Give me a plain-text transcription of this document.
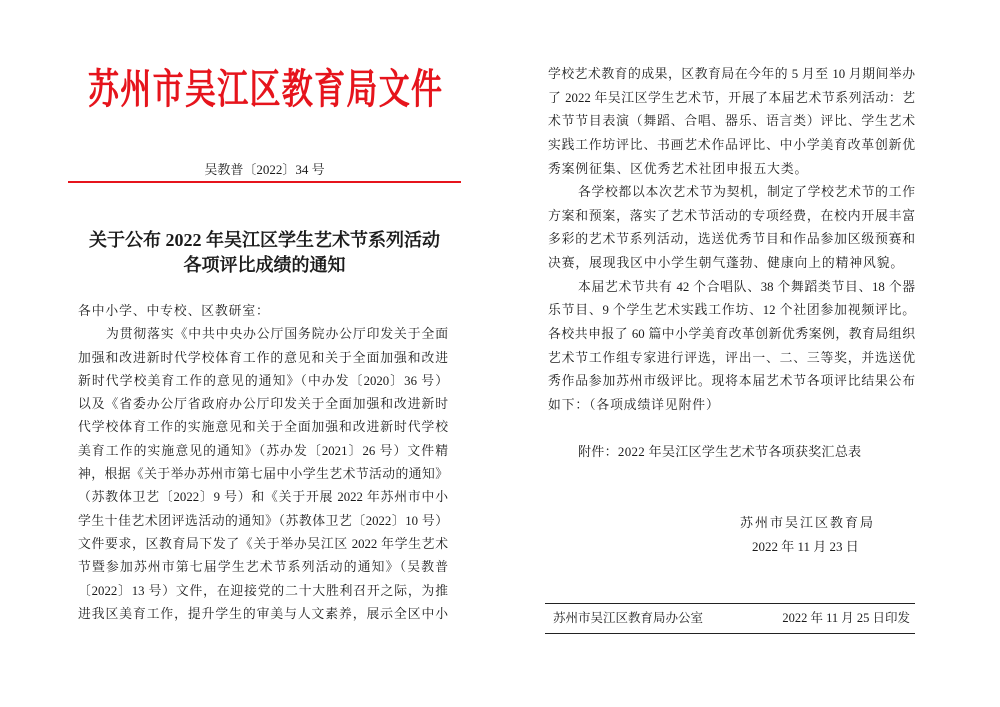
苏州市吴江区教育局文件
吴教普〔2022〕34 号
关于公布 2022 年吴江区学生艺术节系列活动
各项评比成绩的通知
各中小学、中专校、区教研室：
为贯彻落实《中共中央办公厅国务院办公厅印发关于全面
加强和改进新时代学校体育工作的意见和关于全面加强和改进
新时代学校美育工作的意见的通知》（中办发〔2020〕36 号）
以及《省委办公厅省政府办公厅印发关于全面加强和改进新时
代学校体育工作的实施意见和关于全面加强和改进新时代学校
美育工作的实施意见的通知》（苏办发〔2021〕26 号）文件精
神，根据《关于举办苏州市第七届中小学生艺术节活动的通知》
（苏教体卫艺〔2022〕9 号）和《关于开展 2022 年苏州市中小
学生十佳艺术团评选活动的通知》（苏教体卫艺〔2022〕10 号）
文件要求，区教育局下发了《关于举办吴江区 2022 年学生艺术
节暨参加苏州市第七届学生艺术节系列活动的通知》（吴教普
〔2022〕13 号）文件，在迎接党的二十大胜利召开之际，为推
进我区美育工作，提升学生的审美与人文素养，展示全区中小
学校艺术教育的成果，区教育局在今年的 5 月至 10 月期间举办
了 2022 年吴江区学生艺术节，开展了本届艺术节系列活动：艺
术节节目表演（舞蹈、合唱、器乐、语言类）评比、学生艺术
实践工作坊评比、书画艺术作品评比、中小学美育改革创新优
秀案例征集、区优秀艺术社团申报五大类。
各学校都以本次艺术节为契机，制定了学校艺术节的工作
方案和预案，落实了艺术节活动的专项经费，在校内开展丰富
多彩的艺术节系列活动，选送优秀节目和作品参加区级预赛和
决赛，展现我区中小学生朝气蓬勃、健康向上的精神风貌。
本届艺术节共有 42 个合唱队、38 个舞蹈类节目、18 个器
乐节目、9 个学生艺术实践工作坊、12 个社团参加视频评比。
各校共申报了 60 篇中小学美育改革创新优秀案例，教育局组织
艺术节工作组专家进行评选，评出一、二、三等奖，并选送优
秀作品参加苏州市级评比。现将本届艺术节各项评比结果公布
如下：（各项成绩详见附件）
附件：2022 年吴江区学生艺术节各项获奖汇总表
苏州市吴江区教育局
2022 年 11 月 23 日
苏州市吴江区教育局办公室	2022 年 11 月 25 日印发
